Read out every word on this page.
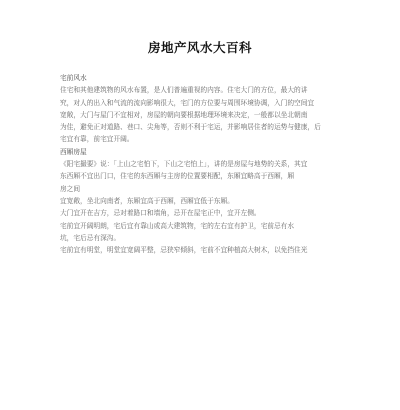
房地产风水大百科
宅前风水
住宅和其他建筑物的风水布置，是人们普遍重视的内容。住宅大门的方位，最大的讲
究，对人的出入和气流的流向影响很大，宅门的方位要与周围环境协调，入门的空间宜
宽敞，大门与屋门不宜相对，房屋的朝向要根据地理环境来决定，一般都以坐北朝南
为佳，避免正对道路、巷口、尖角等，否则不利于宅运，并影响居住者的运势与健康，后
宅宜有靠，前宅宜开阔。
西厢房屋
《阳宅撮要》说：「上山之宅怕下，下山之宅怕上」，讲的是房屋与地势的关系，其宜
东西厢不宜出门口，住宅的东西厢与主房的位置要相配，东厢宜略高于西厢，厢
房之间
宜宽敞，坐北向南者，东厢宜高于西厢，西厢宜低于东厢。
大门宜开在吉方，忌对着路口和墙角，忌开在屋宅正中，宜开左侧。
宅前宜开阔明朗，宅后宜有靠山或高大建筑物，宅的左右宜有护卫，宅前忌有水
坑，宅后忌有深沟。
宅前宜有明堂，明堂宜宽阔平整，忌狭窄倾斜，宅前不宜种植高大树木，以免挡住光
